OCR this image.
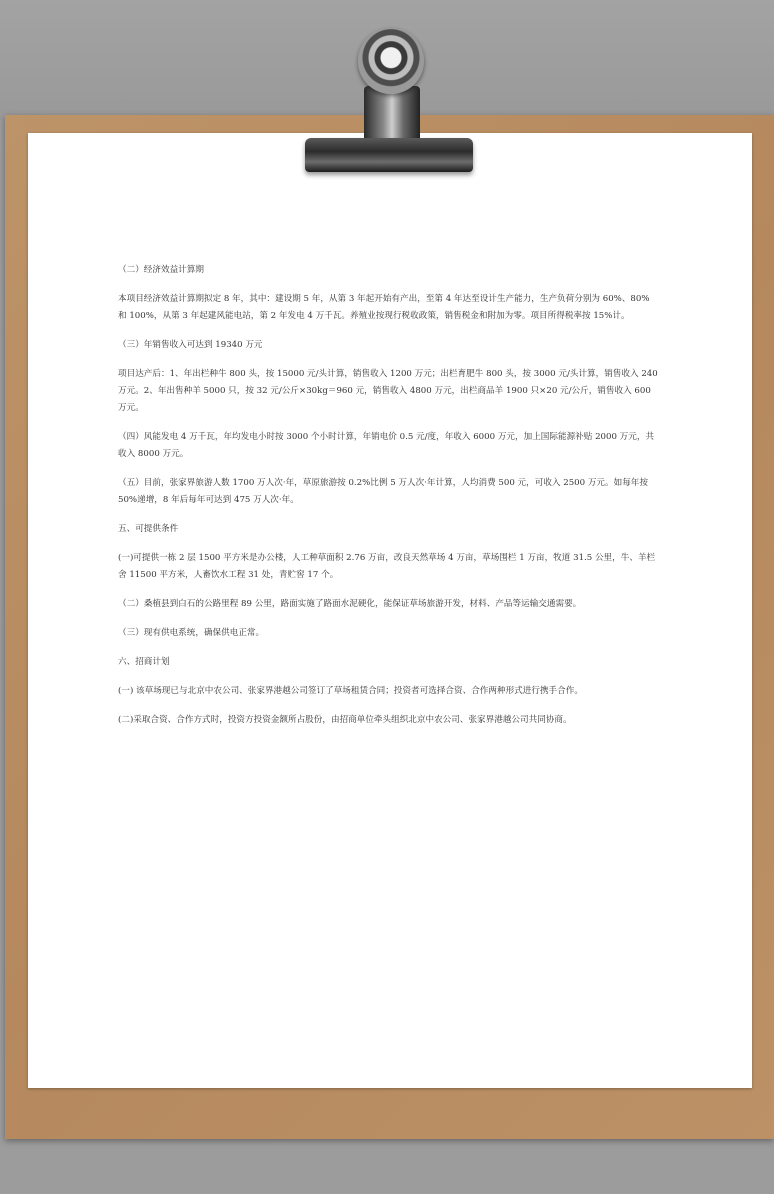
（二）经济效益计算期

本项目经济效益计算期拟定 8 年，其中：建设期 5 年，从第 3 年起开始有产出，至第 4 年达至设计生产能力，生产负荷分别为 60%、80%和 100%，从第 3 年起建风能电站，第 2 年发电 4 万千瓦。养殖业按现行税收政策，销售税金和附加为零。项目所得税率按 15%计。

（三）年销售收入可达到 19340 万元

项目达产后：1、年出栏种牛 800 头，按 15000 元/头计算，销售收入 1200 万元；出栏育肥牛 800 头，按 3000 元/头计算，销售收入 240 万元。2、年出售种羊 5000 只，按 32 元/公斤×30kg＝960 元，销售收入 4800 万元，出栏商品羊 1900 只×20 元/公斤，销售收入 600 万元。

（四）风能发电 4 万千瓦，年均发电小时按 3000 个小时计算，年销电价 0.5 元/度，年收入 6000 万元，加上国际能源补贴 2000 万元，共收入 8000 万元。

（五）目前，张家界旅游人数 1700 万人次·年，草原旅游按 0.2%比例 5 万人次·年计算，人均消费 500 元，可收入 2500 万元。如每年按 50%递增，8 年后每年可达到 475 万人次·年。

五、可提供条件

(一)可提供一栋 2 层 1500 平方米是办公楼，人工种草面积 2.76 万亩，改良天然草场 4 万亩，草场围栏 1 万亩，牧道 31.5 公里，牛、羊栏舍 11500 平方米，人畜饮水工程 31 处，青贮窖 17 个。

（二）桑植县到白石的公路里程 89 公里，路面实施了路面水泥硬化，能保证草场旅游开发，材料、产品等运输交通需要。

（三）现有供电系统，确保供电正常。

六、招商计划

(一) 该草场现已与北京中农公司、张家界港越公司签订了草场租赁合同；投资者可选择合资、合作两种形式进行携手合作。

(二)采取合资、合作方式时，投资方投资金额所占股份，由招商单位牵头组织北京中农公司、张家界港越公司共同协商。
